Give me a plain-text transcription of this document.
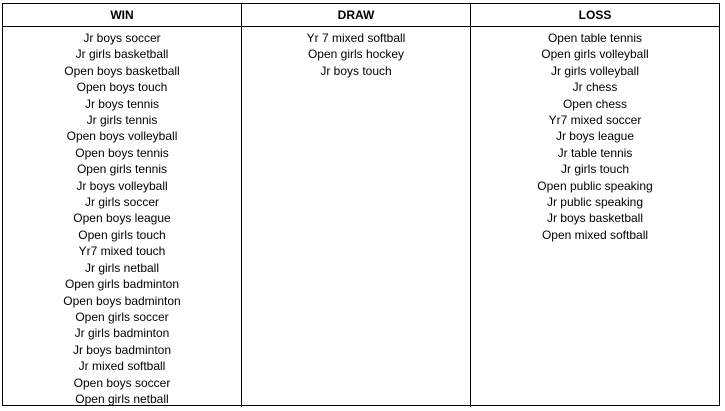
WIN	DRAW	LOSS
Jr boys soccer
Jr girls basketball
Open boys basketball
Open boys touch
Jr boys tennis
Jr girls tennis
Open boys volleyball
Open boys tennis
Open girls tennis
Jr boys volleyball
Jr girls soccer
Open boys league
Open girls touch
Yr7 mixed touch
Jr girls netball
Open girls badminton
Open boys badminton
Open girls soccer
Jr girls badminton
Jr boys badminton
Jr mixed softball
Open boys soccer
Open girls netball
Yr 7 mixed softball
Open girls hockey
Jr boys touch
Open table tennis
Open girls volleyball
Jr girls volleyball
Jr chess
Open chess
Yr7 mixed soccer
Jr boys league
Jr table tennis
Jr girls touch
Open public speaking
Jr public speaking
Jr boys basketball
Open mixed softball
